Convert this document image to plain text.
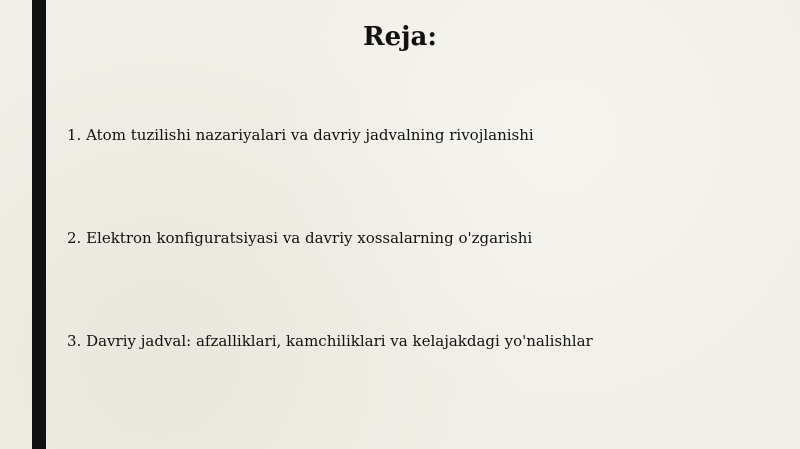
Reja:
1. Atom tuzilishi nazariyalari va davriy jadvalning rivojlanishi
2. Elektron konfiguratsiyasi va davriy xossalarning o'zgarishi
3. Davriy jadval: afzalliklari, kamchiliklari va kelajakdagi yo'nalishlar
